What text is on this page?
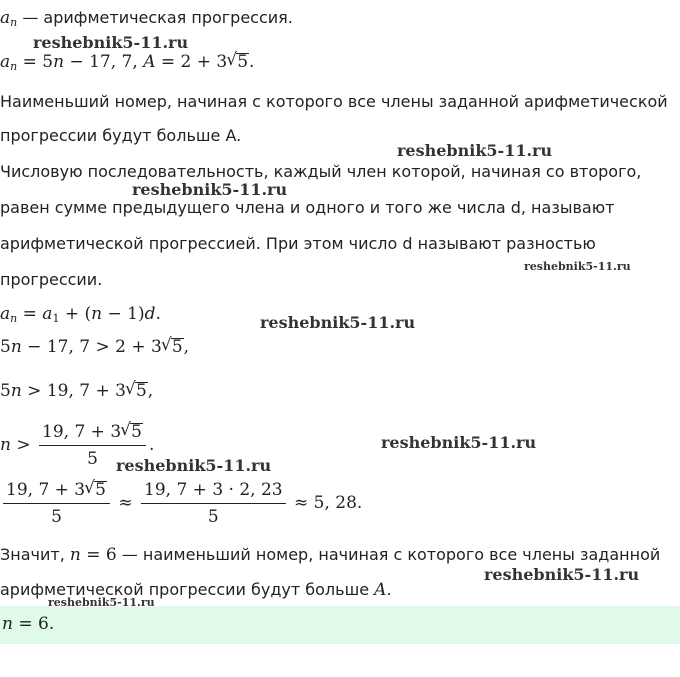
$a_n$ — арифметическая прогрессия.
$a_n = 5n - 17$, 7, A = 2 + 3 √ 5.
Наименьший номер, начиная с которого все члены заданной арифметической
прогрессии будут больше A.
Числовую последовательность, каждый член которой, начиная со второго,
равен сумме предыдущего члена и одного и того же числа d, называют
арифметической прогрессией. При этом число d называют разностью
прогрессии.
$a_n = a_1 + (n - 1)d$.
5n − 17, 7 > 2 + 3 √ 5,
5n > 19, 7 + 3 √ 5,
$n > \frac{19, 7 + 3 √ 5}{5}$ .
$\frac{19, 7 + 3 √ 5}{5} \approx \frac{19, 7 + 3 \cdot 2, 23}{5} \approx 5$, 28.
Значит, n = 6 — наименьший номер, начиная с которого все члены заданной
арифметической прогрессии будут больше A.
n = 6.
reshebnik5-11.ru
reshebnik5-11.ru
reshebnik5-11.ru
reshebnik5-11.ru
reshebnik5-11.ru
reshebnik5-11.ru
reshebnik5-11.ru
reshebnik5-11.ru
reshebnik5-11.ru
